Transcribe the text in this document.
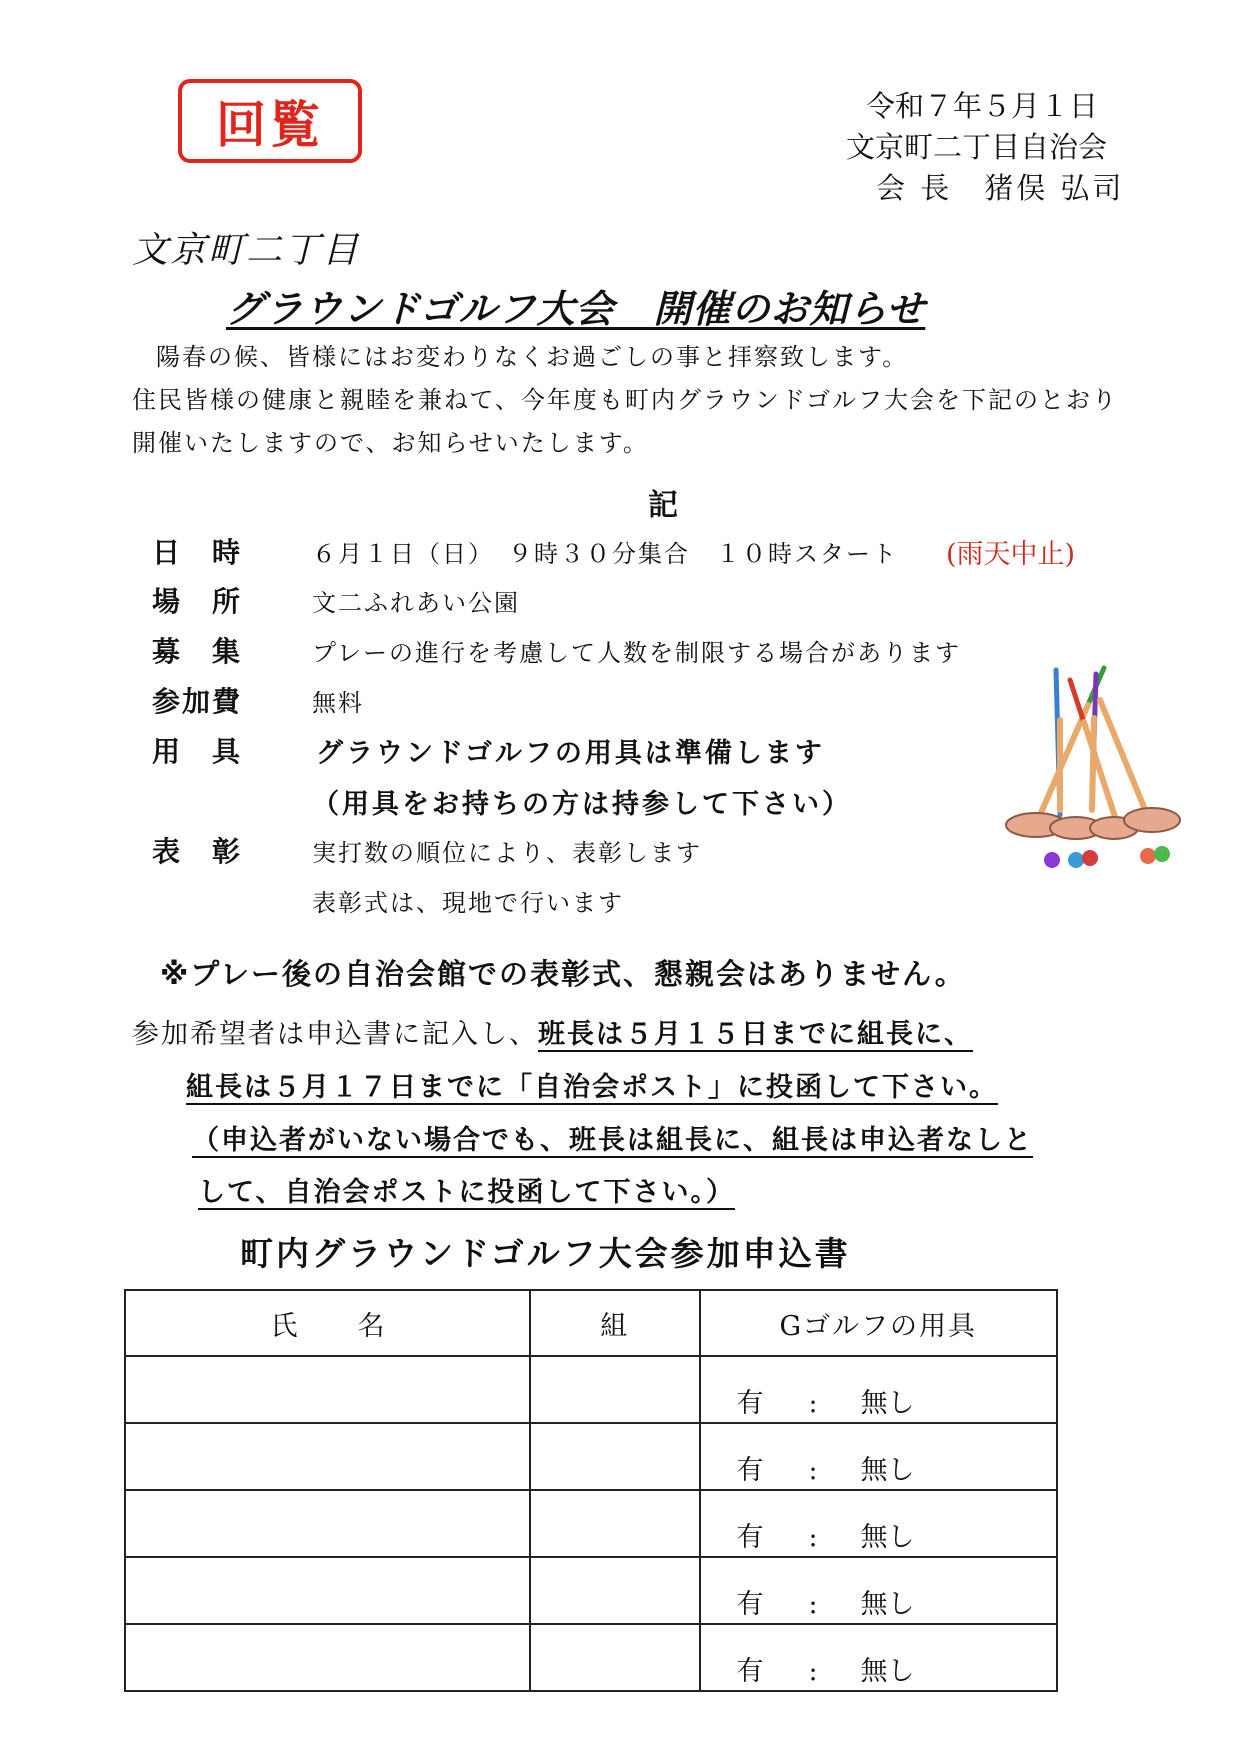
回覧	令和７年５月１日
文京町二丁目自治会
会 長　猪俣 弘司
文京町二丁目
グラウンドゴルフ大会　開催のお知らせ

陽春の候、皆様にはお変わりなくお過ごしの事と拝察致します。

住民皆様の健康と親睦を兼ねて、今年度も町内グラウンドゴルフ大会を下記のとおり

開催いたしますので、お知らせいたします。

記
日　時	６月１日（日）　９時３０分集合　１０時スタート (雨天中止)
場　所	文二ふれあい公園
募　集	プレーの進行を考慮して人数を制限する場合があります
参加費	無料
用　具	グラウンドゴルフの用具は準備します
（用具をお持ちの方は持参して下さい）
表　彰	実打数の順位により、表彰します
表彰式は、現地で行います
※プレー後の自治会館での表彰式、懇親会はありません。
参加希望者は申込書に記入し、班長は５月１５日までに組長に、
組長は５月１７日までに「自治会ポスト」に投函して下さい。
（申込者がいない場合でも、班長は組長に、組長は申込者なしと
して、自治会ポストに投函して下さい。）
町内グラウンドゴルフ大会参加申込書
氏名	組	Gゴルフの用具
		有 : 無し
		有 : 無し
		有 : 無し
		有 : 無し
		有 : 無し
